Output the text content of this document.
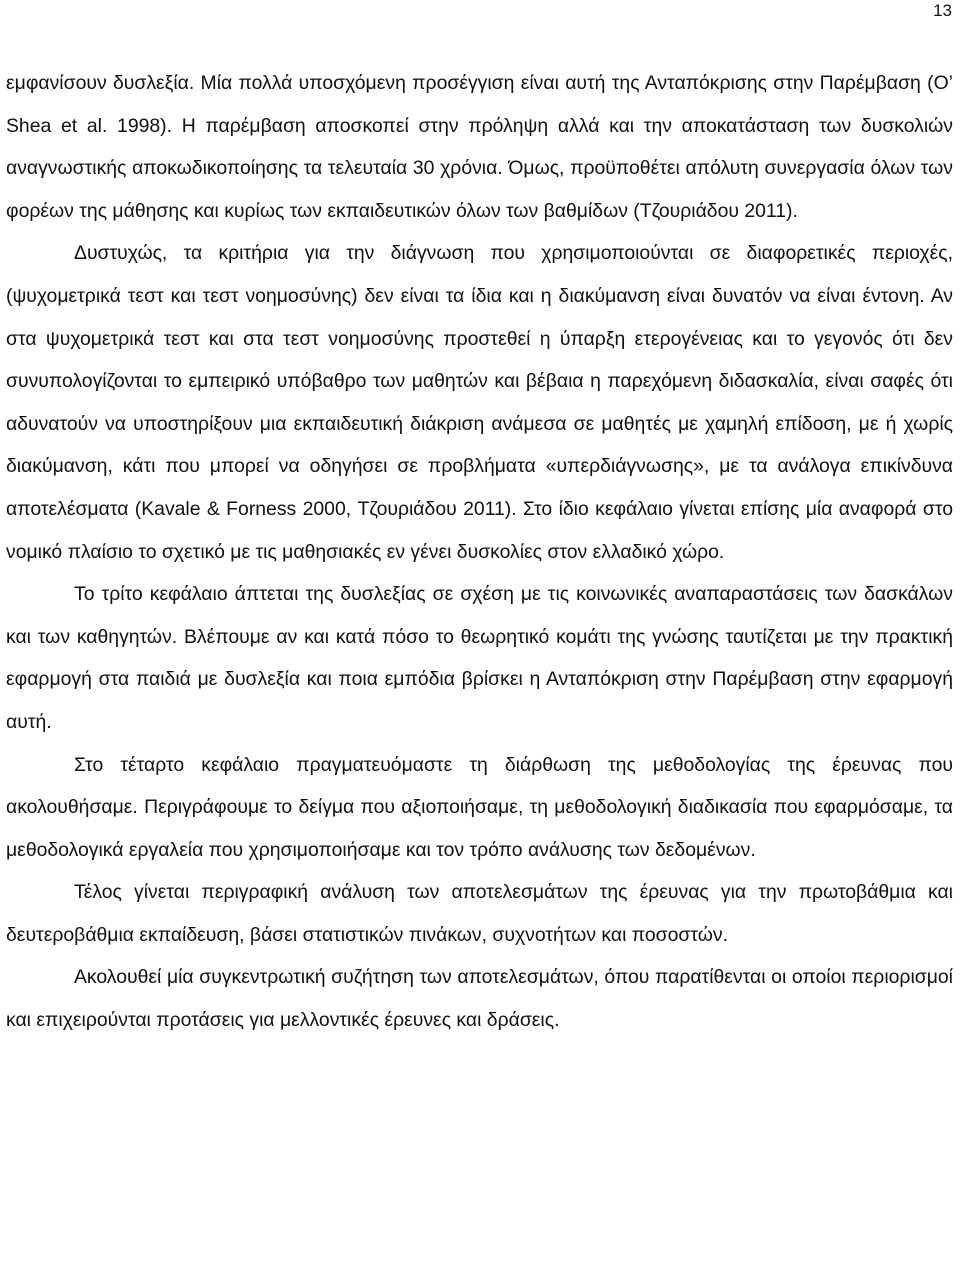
13

εμφανίσουν δυσλεξία. Μία πολλά υποσχόμενη προσέγγιση είναι αυτή της Ανταπόκρισης στην Παρέμβαση (O’ Shea et al. 1998). Η παρέμβαση αποσκοπεί στην πρόληψη αλλά και την αποκατάσταση των δυσκολιών αναγνωστικής αποκωδικοποίησης τα τελευταία 30 χρόνια. Όμως, προϋποθέτει απόλυτη συνεργασία όλων των φορέων της μάθησης και κυρίως των εκπαιδευτικών όλων των βαθμίδων (Τζουριάδου 2011).

Δυστυχώς, τα κριτήρια για την διάγνωση που χρησιμοποιούνται σε διαφορετικές περιοχές, (ψυχομετρικά τεστ και τεστ νοημοσύνης) δεν είναι τα ίδια και η διακύμανση είναι δυνατόν να είναι έντονη. Αν στα ψυχομετρικά τεστ και στα τεστ νοημοσύνης προστεθεί η ύπαρξη ετερογένειας και το γεγονός ότι δεν συνυπολογίζονται το εμπειρικό υπόβαθρο των μαθητών και βέβαια η παρεχόμενη διδασκαλία, είναι σαφές ότι αδυνατούν να υποστηρίξουν μια εκπαιδευτική διάκριση ανάμεσα σε μαθητές με χαμηλή επίδοση, με ή χωρίς διακύμανση, κάτι που μπορεί να οδηγήσει σε προβλήματα «υπερδιάγνωσης», με τα ανάλογα επικίνδυνα αποτελέσματα (Kavale & Forness 2000, Τζουριάδου 2011). Στο ίδιο κεφάλαιο γίνεται επίσης μία αναφορά στο νομικό πλαίσιο το σχετικό με τις μαθησιακές εν γένει δυσκολίες στον ελλαδικό χώρο.

Το τρίτο κεφάλαιο άπτεται της δυσλεξίας σε σχέση με τις κοινωνικές αναπαραστάσεις των δασκάλων και των καθηγητών. Βλέπουμε αν και κατά πόσο το θεωρητικό κομάτι της γνώσης ταυτίζεται με την πρακτική εφαρμογή στα παιδιά με δυσλεξία και ποια εμπόδια βρίσκει η Ανταπόκριση στην Παρέμβαση στην εφαρμογή αυτή.

Στο τέταρτο κεφάλαιο πραγματευόμαστε τη διάρθωση της μεθοδολογίας της έρευνας που ακολουθήσαμε. Περιγράφουμε το δείγμα που αξιοποιήσαμε, τη μεθοδολογική διαδικασία που εφαρμόσαμε, τα μεθοδολογικά εργαλεία που χρησιμοποιήσαμε και τον τρόπο ανάλυσης των δεδομένων.

Τέλος γίνεται περιγραφική ανάλυση των αποτελεσμάτων της έρευνας για την πρωτοβάθμια και δευτεροβάθμια εκπαίδευση, βάσει στατιστικών πινάκων, συχνοτήτων και ποσοστών.

Ακολουθεί μία συγκεντρωτική συζήτηση των αποτελεσμάτων, όπου παρατίθενται οι οποίοι περιορισμοί και επιχειρούνται προτάσεις για μελλοντικές έρευνες και δράσεις.
